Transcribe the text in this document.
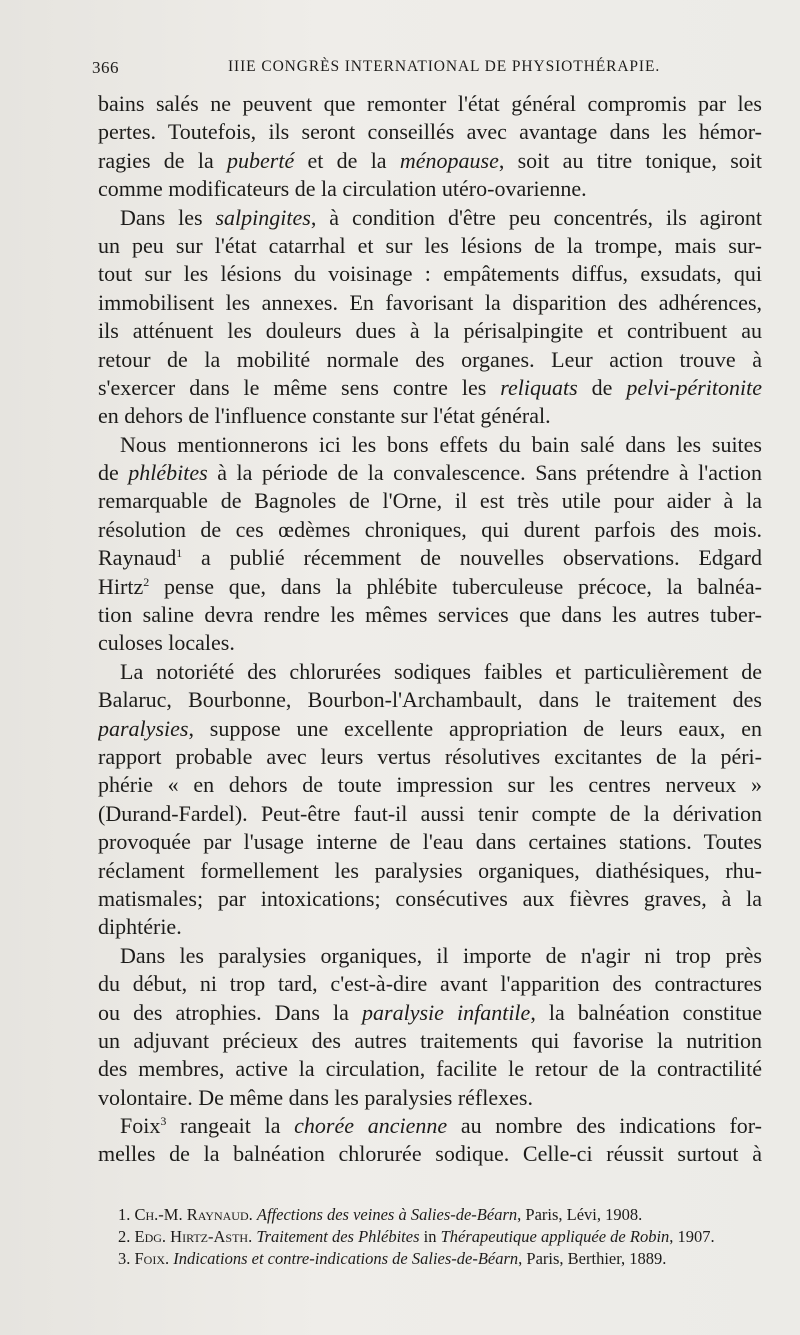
366	IIIE CONGRÈS INTERNATIONAL DE PHYSIOTHÉRAPIE.
bains salés ne peuvent que remonter l'état général compromis par les
pertes. Toutefois, ils seront conseillés avec avantage dans les hémor-
ragies de la puberté et de la ménopause, soit au titre tonique, soit
comme modificateurs de la circulation utéro-ovarienne.
Dans les salpingites, à condition d'être peu concentrés, ils agiront
un peu sur l'état catarrhal et sur les lésions de la trompe, mais sur-
tout sur les lésions du voisinage : empâtements diffus, exsudats, qui
immobilisent les annexes. En favorisant la disparition des adhérences,
ils atténuent les douleurs dues à la périsalpingite et contribuent au
retour de la mobilité normale des organes. Leur action trouve à
s'exercer dans le même sens contre les reliquats de pelvi-péritonite
en dehors de l'influence constante sur l'état général.
Nous mentionnerons ici les bons effets du bain salé dans les suites
de phlébites à la période de la convalescence. Sans prétendre à l'action
remarquable de Bagnoles de l'Orne, il est très utile pour aider à la
résolution de ces œdèmes chroniques, qui durent parfois des mois.
Raynaud$^1$ a publié récemment de nouvelles observations. Edgard
Hirtz$^2$ pense que, dans la phlébite tuberculeuse précoce, la balnéa-
tion saline devra rendre les mêmes services que dans les autres tuber-
culoses locales.
La notoriété des chlorurées sodiques faibles et particulièrement de
Balaruc, Bourbonne, Bourbon-l'Archambault, dans le traitement des
paralysies, suppose une excellente appropriation de leurs eaux, en
rapport probable avec leurs vertus résolutives excitantes de la péri-
phérie « en dehors de toute impression sur les centres nerveux »
(Durand-Fardel). Peut-être faut-il aussi tenir compte de la dérivation
provoquée par l'usage interne de l'eau dans certaines stations. Toutes
réclament formellement les paralysies organiques, diathésiques, rhu-
matismales; par intoxications; consécutives aux fièvres graves, à la
diphtérie.
Dans les paralysies organiques, il importe de n'agir ni trop près
du début, ni trop tard, c'est-à-dire avant l'apparition des contractures
ou des atrophies. Dans la paralysie infantile, la balnéation constitue
un adjuvant précieux des autres traitements qui favorise la nutrition
des membres, active la circulation, facilite le retour de la contractilité
volontaire. De même dans les paralysies réflexes.
Foix$^3$ rangeait la chorée ancienne au nombre des indications for-
melles de la balnéation chlorurée sodique. Celle-ci réussit surtout à
1. Ch.-M. Raynaud. Affections des veines à Salies-de-Béarn, Paris, Lévi, 1908.
2. Edg. Hirtz-Asth. Traitement des Phlébites in Thérapeutique appliquée de Robin, 1907.
3. Foix. Indications et contre-indications de Salies-de-Béarn, Paris, Berthier, 1889.
